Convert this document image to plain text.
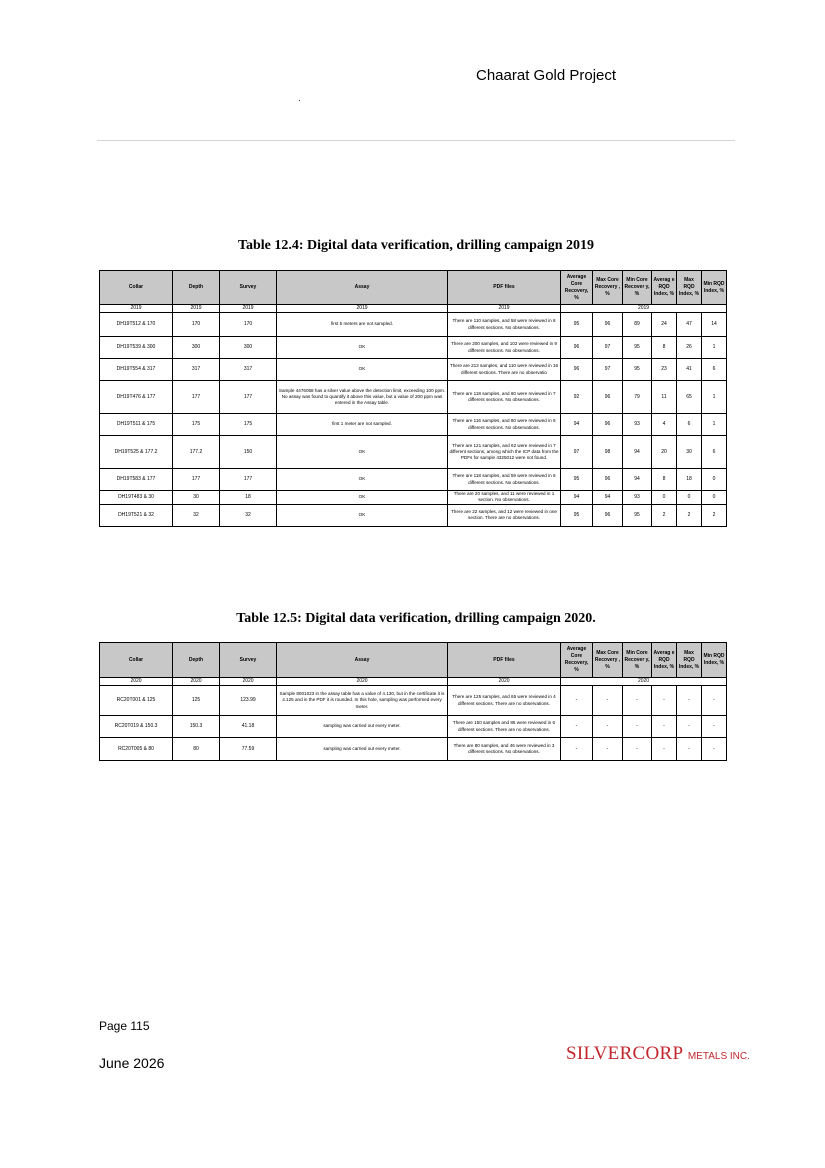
Chaarat Gold Project
Table 12.4: Digital data verification, drilling campaign 2019
Collar	Depth	Survey	Assay	PDF files	Average Core Recovery, %	Max Core Recovery , %	Min Core Recover y, %	Averag e RQD Index, %	Max RQD Index, %	Min RQD Index, %
2019	2019	2019	2019	2019	2019					
DH19T512 & 170	170	170	first 5 meters are not sampled.	There are 110 samples, and 58 were reviewed in 8 different sections. No observations.	95	96	89	24	47	14
DH19T539 & 300	300	300	OK	There are 200 samples, and 102 were reviewed in 9 different sections. No observations.	96	97	95	8	26	1
DH19T554 & 317	317	317	OK	There are 212 samples, and 110 were reviewed in 16 different sections. There are no observatio	96	97	95	23	41	6
DH19T476 & 177	177	177	Sample 4476058 has a silver value above the detection limit, exceeding 100 ppm. No assay was found to quantify it above this value, but a value of 200 ppm was entered in the Assay table.	There are 118 samples, and 60 were reviewed in 7 different sections. No observations.	92	96	79	11	65	1
DH19T511 & 175	175	175	first 1 meter are not sampled.	There are 116 samples, and 60 were reviewed in 6 different sections. No observations.	94	96	93	4	6	1
DH19T525 & 177.2	177.2	150	OK	There are 121 samples, and 62 were reviewed in 7 different sections, among which the ICP data from the PDFs for sample 4325012 were not found.	97	98	94	20	30	6
DH19T583 & 177	177	177	OK	There are 118 samples, and 59 were reviewed in 6 different sections. No observations.	95	96	94	8	18	0
DH19T483 & 30	30	18	OK	There are 20 samples, and 11 were reviewed in 1 section. No observations.	94	94	93	0	0	0
DH19T521 & 32	32	32	OK	There are 22 samples, and 12 were reviewed in one section. There are no observations.	95	96	95	2	2	2
Table 12.5: Digital data verification, drilling campaign 2020.
Collar	Depth	Survey	Assay	PDF files	Average Core Recovery, %	Max Core Recovery , %	Min Core Recover y, %	Averag e RQD Index, %	Max RQD Index, %	Min RQD Index, %
2020	2020	2020	2020	2020	2020					
RC20T001 & 125	125	123.99	Sample 8001023 in the assay table has a value of 4.130, but in the certificate it is 4.125 and in the PDF it is rounded. In this hole, sampling was performed every meter.	There are 125 samples, and 65 were reviewed in 4 different sections. There are no observations.	-	-	-	-	-	-
RC20T019 & 150.3	150.3	41.18	sampling was carried out every meter.	There are 150 samples and 86 were reviewed in 6 different sections. There are no observations.	-	-	-	-	-	-
RC20T005 & 80	80	77.59	sampling was carried out every meter.	There are 80 samples, and 46 were reviewed in 3 different sections. No observations.	-	-	-	-	-	-
Page 115
June 2026	SILVERCORP METALS INC.
